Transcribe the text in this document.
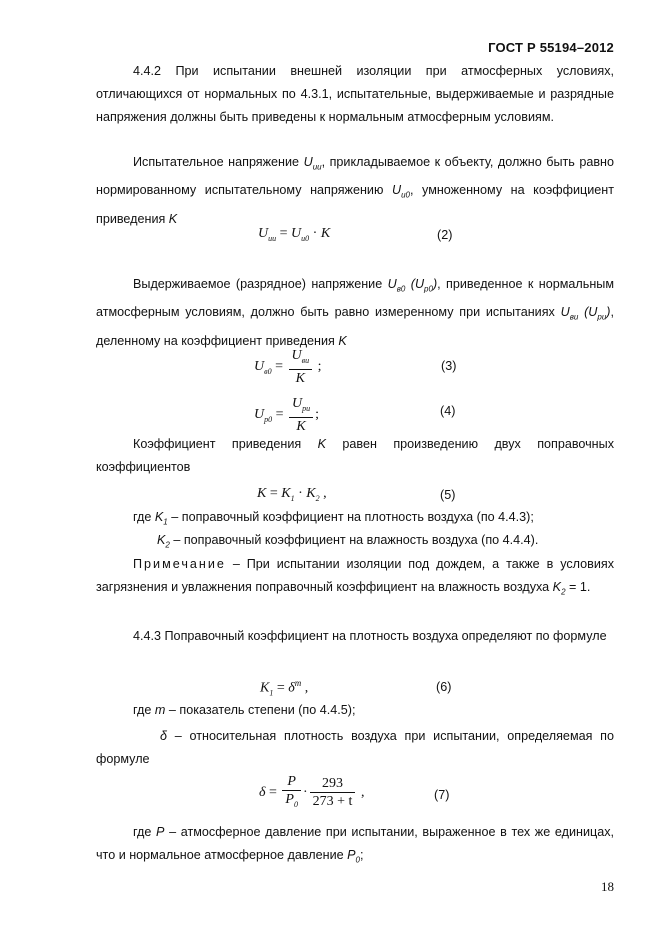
ГОСТ Р 55194–2012
4.4.2 При испытании внешней изоляции при атмосферных условиях, отличающихся от нормальных по 4.3.1, испытательные, выдерживаемые и разрядные напряжения должны быть приведены к нормальным атмосферным условиям.
Испытательное напряжение $U_{ии}$, прикладываемое к объекту, должно быть равно нормированному испытательному напряжению $U_{и0}$, умноженному на коэффициент приведения K
$U_{ии} = U_{и0} \cdot K$	(2)
Выдерживаемое (разрядное) напряжение $U_{в0}$ $(U_{р0})$, приведенное к нормальным атмосферным условиям, должно быть равно измеренному при испытаниях $U_{ви}$ $(U_{ри})$, деленному на коэффициент приведения K
$U_{в0} = \frac{U_{ви}}{K}$ ;	(3)
$U_{р0} = \frac{U_{ри}}{K}$ ;	(4)
Коэффициент приведения K равен произведению двух поправочных коэффициентов
$K = K_1 \cdot K_2$ ,	(5)
где $K_1$ – поправочный коэффициент на плотность воздуха (по 4.4.3);
$K_2$ – поправочный коэффициент на влажность воздуха (по 4.4.4).
Примечание – При испытании изоляции под дождем, а также в условиях загрязнения и увлажнения поправочный коэффициент на влажность воздуха $K_2 = 1$.
4.4.3 Поправочный коэффициент на плотность воздуха определяют по формуле
$K_1 = \delta^m$ ,	(6)
где m – показатель степени (по 4.4.5);
δ – относительная плотность воздуха при испытании, определяемая по формуле
$\delta = \frac{P}{P_0} \cdot \frac{293}{273 + t}$ ,	(7)
где P – атмосферное давление при испытании, выраженное в тех же единицах, что и нормальное атмосферное давление $P_0$;
18
